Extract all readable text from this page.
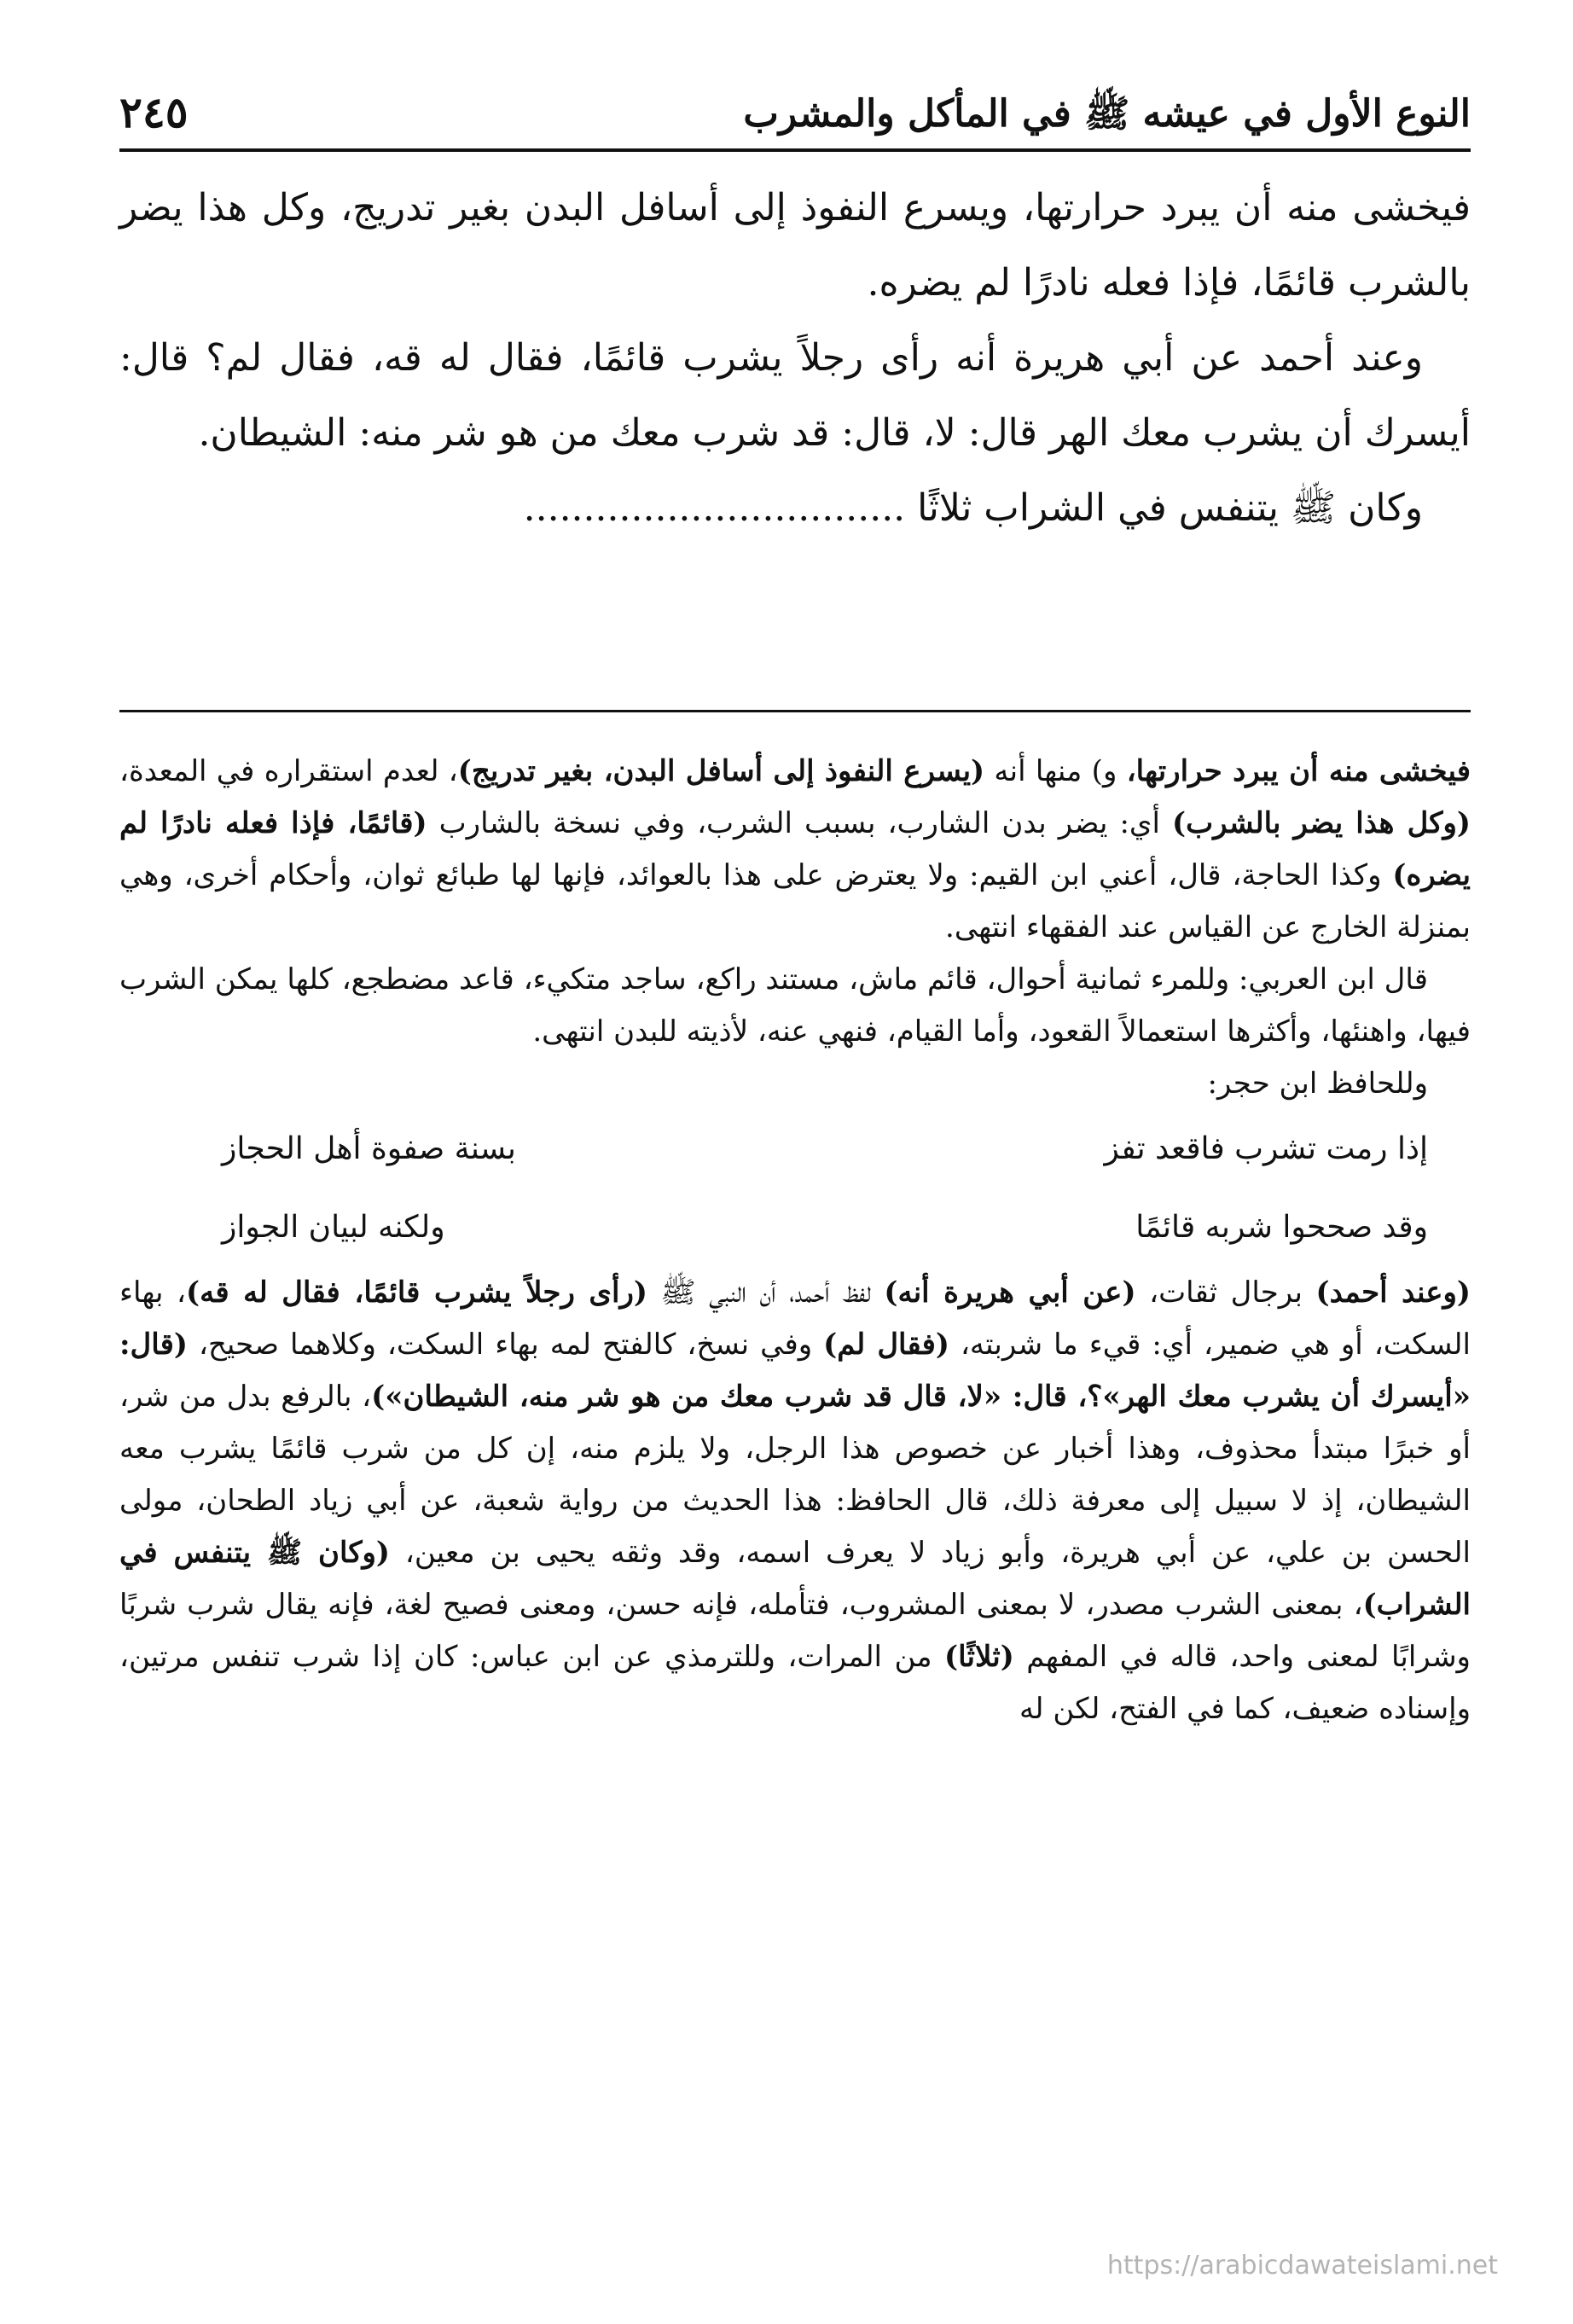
النوع الأول في عيشه ﷺ في المأكل والمشرب
٢٤٥

فيخشى منه أن يبرد حرارتها، ويسرع النفوذ إلى أسافل البدن بغير تدريج، وكل هذا يضر بالشرب قائمًا، فإذا فعله نادرًا لم يضره.

وعند أحمد عن أبي هريرة أنه رأى رجلاً يشرب قائمًا، فقال له قه، فقال لم؟ قال: أيسرك أن يشرب معك الهر قال: لا، قال: قد شرب معك من هو شر منه: الشيطان.

وكان ﷺ يتنفس في الشراب ثلاثًا ................................

فيخشى منه أن يبرد حرارتها، و) منها أنه (يسرع النفوذ إلى أسافل البدن، بغير تدريج)، لعدم استقراره في المعدة، (وكل هذا يضر بالشرب) أي: يضر بدن الشارب، بسبب الشرب، وفي نسخة بالشارب (قائمًا، فإذا فعله نادرًا لم يضره) وكذا الحاجة، قال، أعني ابن القيم: ولا يعترض على هذا بالعوائد، فإنها لها طبائع ثوان، وأحكام أخرى، وهي بمنزلة الخارج عن القياس عند الفقهاء انتهى.

قال ابن العربي: وللمرء ثمانية أحوال، قائم ماش، مستند راكع، ساجد متكيء، قاعد مضطجع، كلها يمكن الشرب فيها، واهنئها، وأكثرها استعمالاً القعود، وأما القيام، فنهي عنه، لأذيته للبدن انتهى.

وللحافظ ابن حجر:

إذا رمت تشرب فاقعد تفز
بسنة صفوة أهل الحجاز
وقد صححوا شربه قائمًا
ولكنه لبيان الجواز

(وعند أحمد) برجال ثقات، (عن أبي هريرة أنه) لفظ أحمد، أن النبي ﷺ (رأى رجلاً يشرب قائمًا، فقال له قه)، بهاء السكت، أو هي ضمير، أي: قيء ما شربته، (فقال لم) وفي نسخ، كالفتح لمه بهاء السكت، وكلاهما صحيح، (قال: «أيسرك أن يشرب معك الهر»؟، قال: «لا، قال قد شرب معك من هو شر منه، الشيطان»)، بالرفع بدل من شر، أو خبرًا مبتدأ محذوف، وهذا أخبار عن خصوص هذا الرجل، ولا يلزم منه، إن كل من شرب قائمًا يشرب معه الشيطان، إذ لا سبيل إلى معرفة ذلك، قال الحافظ: هذا الحديث من رواية شعبة، عن أبي زياد الطحان، مولى الحسن بن علي، عن أبي هريرة، وأبو زياد لا يعرف اسمه، وقد وثقه يحيى بن معين، (وكان ﷺ يتنفس في الشراب)، بمعنى الشرب مصدر، لا بمعنى المشروب، فتأمله، فإنه حسن، ومعنى فصيح لغة، فإنه يقال شرب شربًا وشرابًا لمعنى واحد، قاله في المفهم (ثلاثًا) من المرات، وللترمذي عن ابن عباس: كان إذا شرب تنفس مرتين، وإسناده ضعيف، كما في الفتح، لكن له

https://arabicdawateislami.net
